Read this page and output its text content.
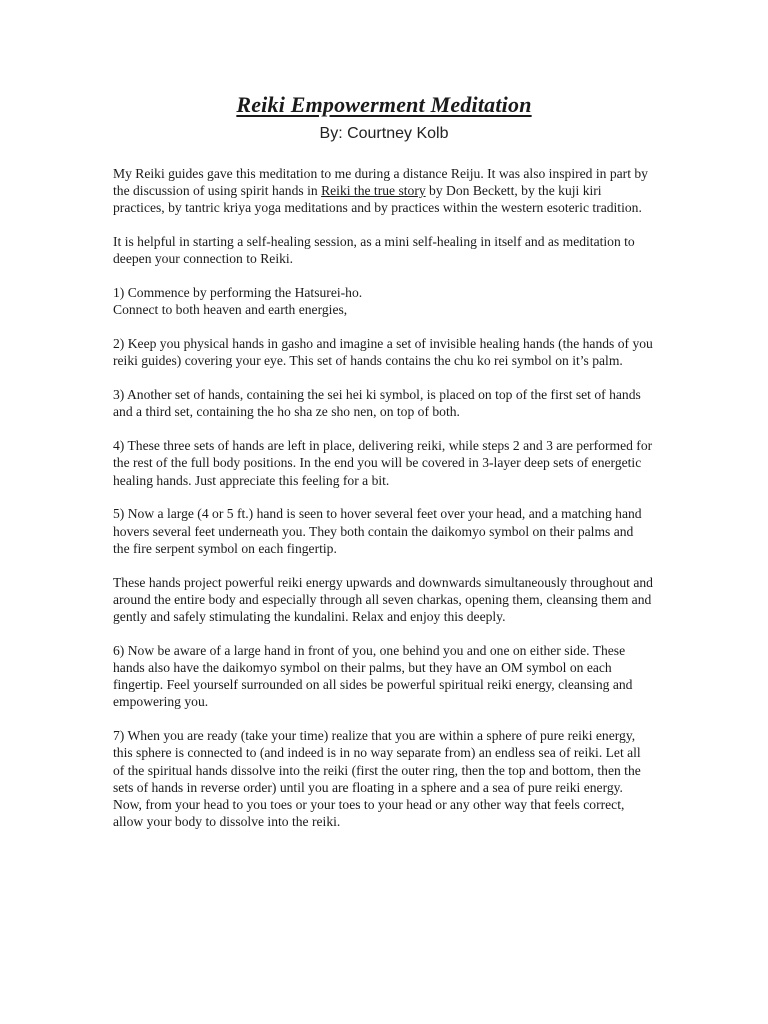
Reiki Empowerment Meditation
By: Courtney Kolb

My Reiki guides gave this meditation to me during a distance Reiju. It was also inspired in part by the discussion of using spirit hands in Reiki the true story by Don Beckett, by the kuji kiri practices, by tantric kriya yoga meditations and by practices within the western esoteric tradition.

It is helpful in starting a self-healing session, as a mini self-healing in itself and as meditation to deepen your connection to Reiki.

1) Commence by performing the Hatsurei-ho.
Connect to both heaven and earth energies,

2) Keep you physical hands in gasho and imagine a set of invisible healing hands (the hands of you reiki guides) covering your eye. This set of hands contains the chu ko rei symbol on it’s palm.

3) Another set of hands, containing the sei hei ki symbol, is placed on top of the first set of hands and a third set, containing the ho sha ze sho nen, on top of both.

4) These three sets of hands are left in place, delivering reiki, while steps 2 and 3 are performed for the rest of the full body positions. In the end you will be covered in 3-layer deep sets of energetic healing hands. Just appreciate this feeling for a bit.

5) Now a large (4 or 5 ft.) hand is seen to hover several feet over your head, and a matching hand hovers several feet underneath you. They both contain the daikomyo symbol on their palms and the fire serpent symbol on each fingertip.

These hands project powerful reiki energy upwards and downwards simultaneously throughout and around the entire body and especially through all seven charkas, opening them, cleansing them and gently and safely stimulating the kundalini. Relax and enjoy this deeply.

6) Now be aware of a large hand in front of you, one behind you and one on either side. These hands also have the daikomyo symbol on their palms, but they have an OM symbol on each fingertip. Feel yourself surrounded on all sides be powerful spiritual reiki energy, cleansing and empowering you.

7) When you are ready (take your time) realize that you are within a sphere of pure reiki energy, this sphere is connected to (and indeed is in no way separate from) an endless sea of reiki. Let all of the spiritual hands dissolve into the reiki (first the outer ring, then the top and bottom, then the sets of hands in reverse order) until you are floating in a sphere and a sea of pure reiki energy. Now, from your head to you toes or your toes to your head or any other way that feels correct, allow your body to dissolve into the reiki.
